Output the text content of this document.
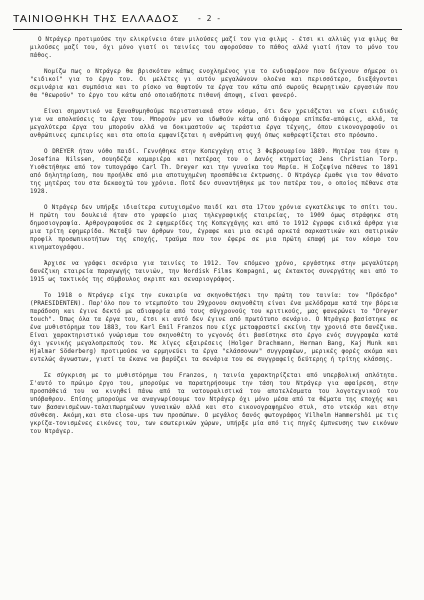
ΤΑΙΝΙΟΘΗΚΗ ΤΗΣ ΕΛΛΑΔΟΣ - 2 -

Ο Ντράγερ προτιμούσε την ελικρίνεια όταν μιλούσες μαζί του για φιλμς - έτσι κι αλλιώς για φιλμς θα μιλούσες μαζί του, όχι μόνο γιατί οι ταινίες του αφορούσαν το πάθος αλλά γιατί ήταν το μόνο του πάθος.

Νομίζω πως ο Ντράγερ θα βρισκόταν κάπως ενοχλημένος για το ενδιαφέρον που δείχνουν σήμερα οι "ειδικοί" για το έργο του. Οι μελέτες γι αυτόν μεγαλώνουν ολοένα και περισσότερο, διεξάγονται σεμινάρια και συμπόσια και το ρίσκο να θαφτούν τα έργα του κάτω από σωρούς θεωρητικών εργασιών που θα "θεωρούν" το έργο του κάτω από οποιαδήποτε πιθανή άποψη, είναι φανερό.

Είναι σημαντικό να ξαναθυμηθούμε περιστασιακά στον κόσμο, ότι δεν χρειάζεται να είναι ειδικός για να απολαύσεις τα έργα του. Μπορούν μεν να ιδωθούν κάτω από διάφορα επίπεδα-απόψεις, αλλά, τα μεγαλύτερα έργα του μπορούν αλλά να δοκιμαστούν ως τεράστια έργα τέχνης, όπου εικονογραφούν οι ανθρώπινες εμπειρίες και στα οποία εμφανίζεται η ανθρώπινη φυχή όπως καθρεφτίζεται στο πρόσωπο.

Ο DREYER ήταν νόθο παιδί. Γεννήθηκε στην Κοπεγχάγη στις 3 Φεβρουαρίου 1889. Μητέρα του ήταν η Josefina Nilssen, σουηδέζα καμαριέρα και πατέρας του ο Δανός κτηματίας Jens Christian Torp. Υιοθετήθηκε από τον τυπογράφο Carl Th. Dreyer και την γυναίκα του Μαρία. Η Σοζεφίνα πέθανε το 1891 από δηλητηρίαση, που προήλθε από μια αποτυχημένη προσπάθεια έκτρωσης. Ο Ντράγερ έμαθε για τον θάνατο της μητέρας του στα δεκαοχτώ του χρόνια. Ποτέ δεν συναντήθηκε με τον πατέρα του, ο οποίος πέθανε στα 1928.

Ο Ντράγερ δεν υπήρξε ιδιαίτερα ευτυχισμένο παιδί και στα 17του χρόνια εγκατέλειψε το σπίτι του. Η πρώτη του δουλειά ήταν στο γραφείο μιας τηλεγραφικής εταιρείας, το 1909 όμως στράφηκε στη δημοσιογραφία. Αρθρογραφούσε σε 2 εφημερίδες της Κοπεγχάγης και από το 1912 έγραφε ειδικά άρθρα για μια τρίτη εφημερίδα. Μεταξύ των άρθρων του, έγραφε και μια σειρά αρκετά σαρκαστικών και σατιρικών προφίλ προσωπικοτήτων της εποχής, τραύμα που τον έφερε σε μια πρώτη επαφή με τον κόσμο του κινηματογράφου.

Άρχισε να γράφει σενάρια για ταινίες το 1912. Τον επόμενο χρόνο, εργάστηκε στην μεγαλύτερη δανέζικη εταιρεία παραγωγής ταινιών, την Nordisk Films Kompagni, ως έκτακτος συνεργάτης και από το 1915 ως τακτικός της σύμβουλος σκριπτ και σεναριογράφος.

Το 1918 ο Ντράγερ είχε την ευκαιρία να σκηνοθετήσει την πρώτη του ταινία: τον "Πρόεδρο" (PRAESIDENTEN). Παρ'όλο που το ντεμπούτο του 29χρονου σκηνοθέτη είναι ένα μελόδραμα κατά την βόρεια παράδοση και έγινε δεκτό με αδιαφορία από τους σύγχρονούς του κριτικούς, μας φανερώνει το "Dreyer touch". Όπως όλα τα έργα του, έτσι κι αυτό δεν έγινε από πρωτότυπο σενάριο. Ο Ντράγερ βασίστηκε σε ένα μυθιστόρημα του 1883, του Karl Emil Franzos που είχε μεταφραστεί εκείνη την χρονιά στα δανέζικα. Είναι χαρακτηριστικό γνώρισμα του σκηνοθέτη το γεγονός ότι βασίστηκε στο έργο ενός συγγραφέα κατά όχι γενικής μεγαλοπρεπούς του. Με λίγες εξαιρέσεις (Holger Drachmann, Herman Bang, Kaj Munk και Hjalmar Söderberg) προτιμούσε να ερμηνεύει τα έργα "ελάσσονων" συγγραφέων, μερικές φορές ακόμα και εντελώς άγνωστων, γιατί τα έκανε να βαρύζει τα σενάρια του σε συγγραφείς δεύτερης ή τρίτης κλάσσης.

Σε σύγκριση με το μυθιστόρημα του Franzos, η ταινία χαρακτηρίζεται από υπερβολική απλότητα. Σ'αυτό το πρώιμο έργο του, μπορούμε να παρατηρήσουμε την τάση του Ντράγερ για αφαίρεση, στην προσπάθειά του να κινηθεί πάνω από τα νατουραλιστικά του αποτελέσματα του λογοτεχνικού του υπόβαθρου. Επίσης μπορούμε να αναγνωρίσουμε τον Ντράγερ όχι μόνο μέσα από τα θέματα της εποχής και των βασανισμένων-ταλαιπωρημένων γυναικών αλλά και στο εικονογραφημένο στυλ, στο ντεκόρ και στην σύνθεση. Ακόμη,και στα close-ups των προσώπων. Ο μεγάλος δανός φωτογράφος Vilhelm Hammershöi με τις γκρίζα-τονισμένες εικόνες του, των εσωτερικών χώρων, υπήρξε μία από τις πηγές έμπνευσης των εικόνων του Ντράγερ.
